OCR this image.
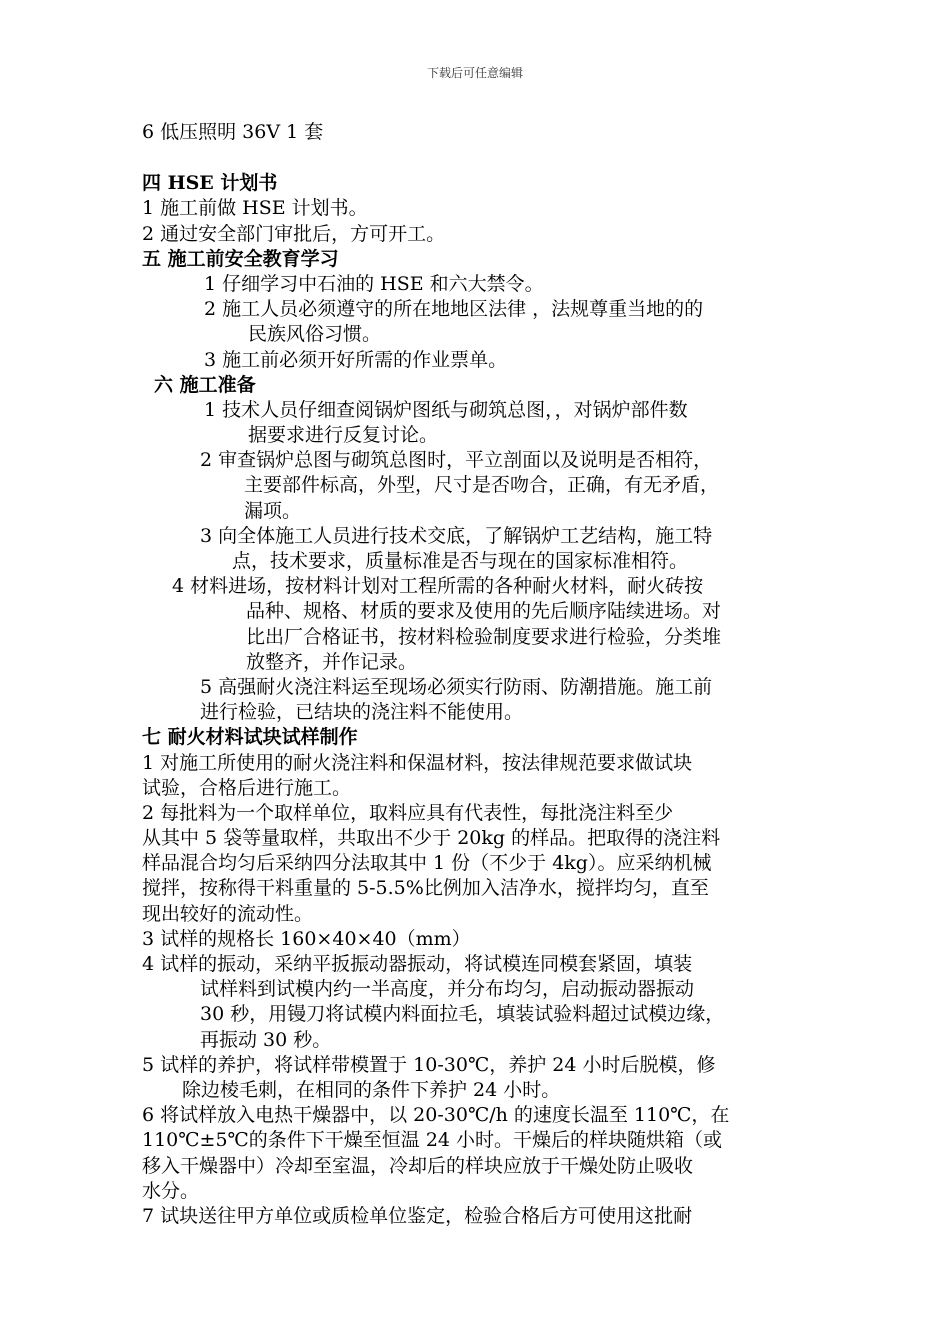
下载后可任意编辑
6 低压照明 36V 1 套
四 HSE 计划书
1 施工前做 HSE 计划书。
2 通过安全部门审批后，方可开工。
五 施工前安全教育学习
1 仔细学习中石油的 HSE 和六大禁令。
2 施工人员必须遵守的所在地地区法律 ，法规尊重当地的的
民族风俗习惯。
3 施工前必须开好所需的作业票单。
六 施工准备
1 技术人员仔细查阅锅炉图纸与砌筑总图，，对锅炉部件数
据要求进行反复讨论。
2 审查锅炉总图与砌筑总图时，平立剖面以及说明是否相符，
主要部件标高，外型，尺寸是否吻合，正确，有无矛盾，
漏项。
3 向全体施工人员进行技术交底，了解锅炉工艺结构，施工特
点，技术要求，质量标准是否与现在的国家标准相符。
4 材料进场，按材料计划对工程所需的各种耐火材料，耐火砖按
品种、规格、材质的要求及使用的先后顺序陆续进场。对
比出厂合格证书，按材料检验制度要求进行检验，分类堆
放整齐，并作记录。
5 高强耐火浇注料运至现场必须实行防雨、防潮措施。施工前
进行检验，已结块的浇注料不能使用。
七 耐火材料试块试样制作
1 对施工所使用的耐火浇注料和保温材料，按法律规范要求做试块
试验，合格后进行施工。
2 每批料为一个取样单位，取料应具有代表性，每批浇注料至少
从其中 5 袋等量取样，共取出不少于 20kg 的样品。把取得的浇注料
样品混合均匀后采纳四分法取其中 1 份（不少于 4kg）。应采纳机械
搅拌，按称得干料重量的 5-5.5%比例加入洁净水，搅拌均匀，直至
现出较好的流动性。
3 试样的规格长 160×40×40（mm）
4 试样的振动，采纳平扳振动器振动，将试模连同模套紧固，填装
试样料到试模内约一半高度，并分布均匀，启动振动器振动
30 秒，用镘刀将试模内料面拉毛，填装试验料超过试模边缘，
再振动 30 秒。
5 试样的养护，将试样带模置于 10-30℃，养护 24 小时后脱模，修
除边棱毛刺，在相同的条件下养护 24 小时。
6 将试样放入电热干燥器中，以 20-30℃/h 的速度长温至 110℃，在
110℃±5℃的条件下干燥至恒温 24 小时。干燥后的样块随烘箱（或
移入干燥器中）冷却至室温，冷却后的样块应放于干燥处防止吸收
水分。
7 试块送往甲方单位或质检单位鉴定，检验合格后方可使用这批耐
